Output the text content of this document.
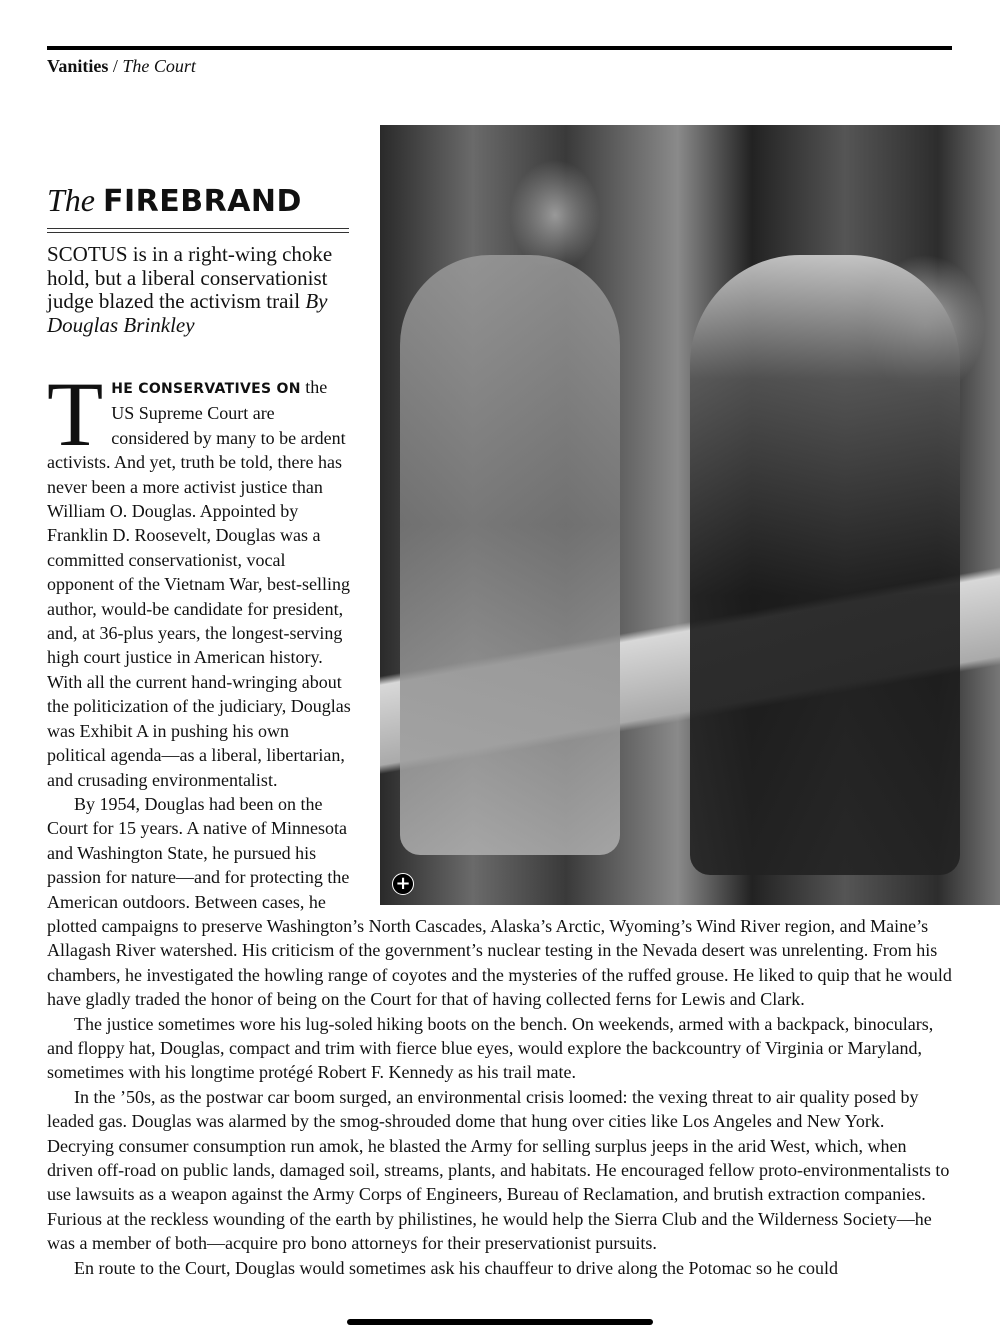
Vanities / The Court
+
The FIREBRAND

SCOTUS is in a right-wing choke hold, but a liberal conservationist judge blazed the activism trail By Douglas Brinkley

THE CONSERVATIVES ON the US Supreme Court are considered by many to be ardent activists. And yet, truth be told, there has never been a more activist justice than William O. Douglas. Appointed by Franklin D. Roosevelt, Douglas was a committed conservationist, vocal opponent of the Vietnam War, best-selling author, would-be candidate for president, and, at 36-plus years, the longest-serving high court justice in American history. With all the current hand-wringing about the politicization of the judiciary, Douglas was Exhibit A in pushing his own political agenda—as a liberal, libertarian, and crusading environmentalist.

By 1954, Douglas had been on the Court for 15 years. A native of Minnesota and Washington State, he pursued his passion for nature—and for protecting the American outdoors. Between cases, he plotted campaigns to preserve Washington’s North Cascades, Alaska’s Arctic, Wyoming’s Wind River region, and Maine’s Allagash River watershed. His criticism of the government’s nuclear testing in the Nevada desert was unrelenting. From his chambers, he investigated the howling range of coyotes and the mysteries of the ruffed grouse. He liked to quip that he would have gladly traded the honor of being on the Court for that of having collected ferns for Lewis and Clark.

The justice sometimes wore his lug-soled hiking boots on the bench. On weekends, armed with a backpack, binoculars, and floppy hat, Douglas, compact and trim with fierce blue eyes, would explore the backcountry of Virginia or Maryland, sometimes with his longtime protégé Robert F. Kennedy as his trail mate.

In the ’50s, as the postwar car boom surged, an environmental crisis loomed: the vexing threat to air quality posed by leaded gas. Douglas was alarmed by the smog-shrouded dome that hung over cities like Los Angeles and New York. Decrying consumer consumption run amok, he blasted the Army for selling surplus jeeps in the arid West, which, when driven off-road on public lands, damaged soil, streams, plants, and habitats. He encouraged fellow proto-environmentalists to use lawsuits as a weapon against the Army Corps of Engineers, Bureau of Reclamation, and brutish extraction companies. Furious at the reckless wounding of the earth by philistines, he would help the Sierra Club and the Wilderness Society—he was a member of both—acquire pro bono attorneys for their preservationist pursuits.

En route to the Court, Douglas would sometimes ask his chauffeur to drive along the Potomac so he could
